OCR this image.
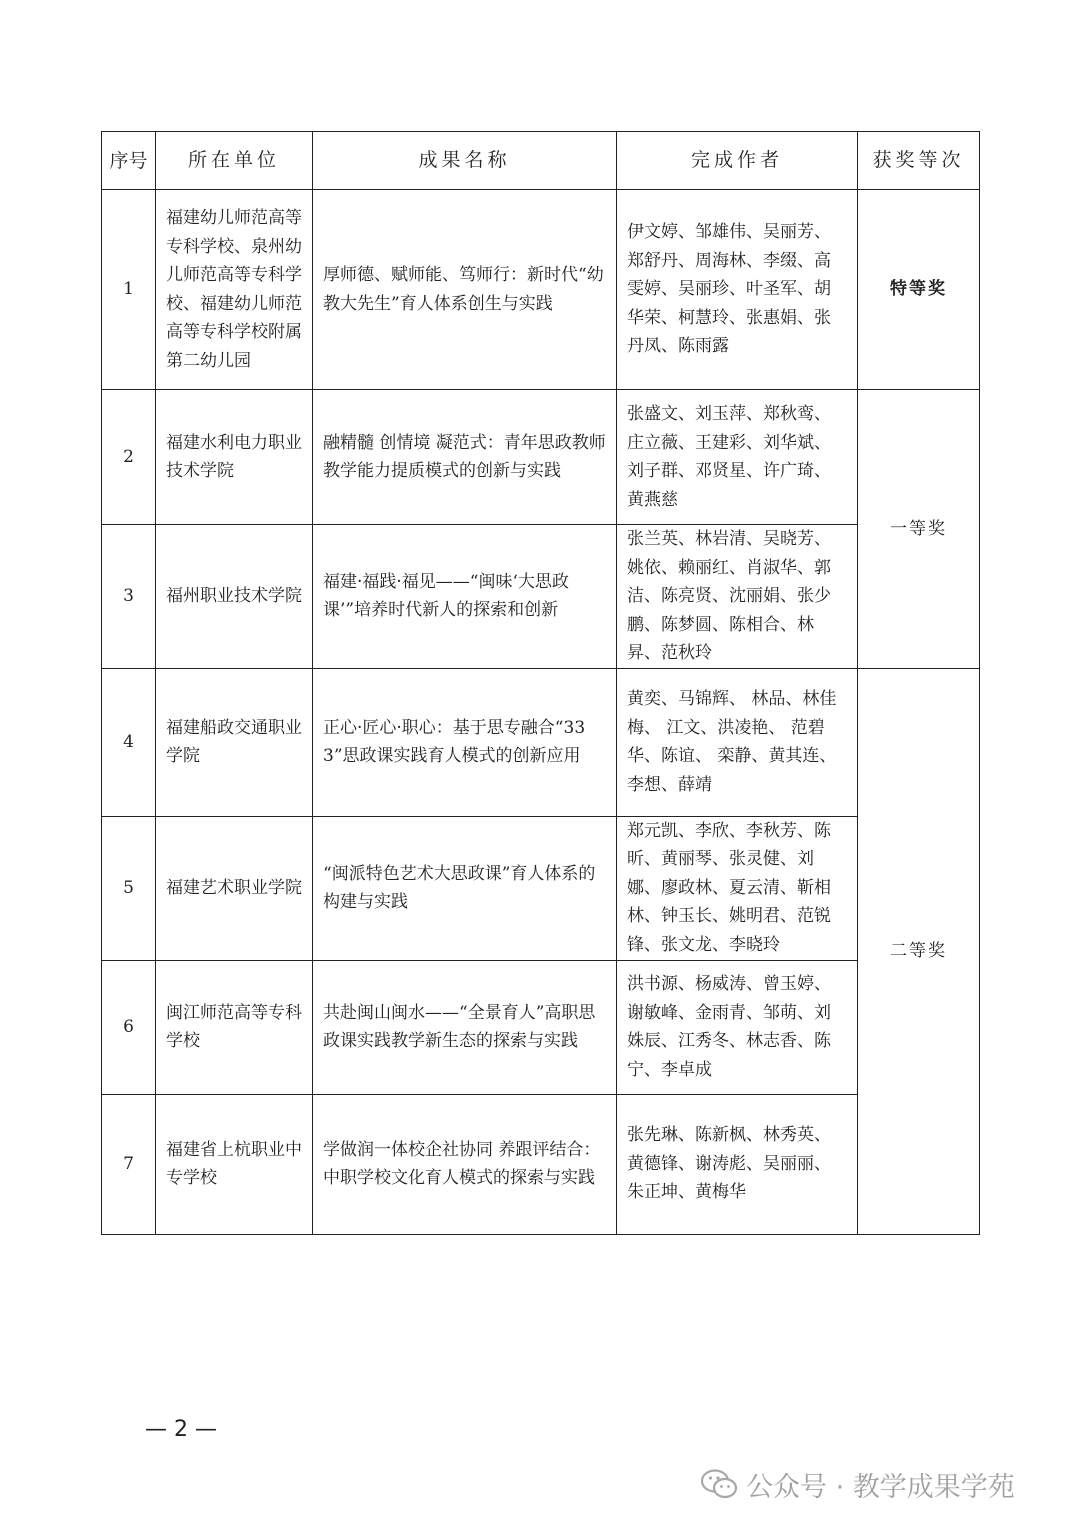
序号	所在单位	成果名称	完成作者	获奖等次
1	福建幼儿师范高等专科学校、泉州幼儿师范高等专科学校、福建幼儿师范高等专科学校附属第二幼儿园	厚师德、赋师能、笃师行：新时代“幼教大先生”育人体系创生与实践	伊文婷、邹雄伟、吴丽芳、郑舒丹、周海林、李缀、高雯婷、吴丽珍、叶圣军、胡华荣、柯慧玲、张惠娟、张丹凤、陈雨露	特等奖
2	福建水利电力职业技术学院	融精髓 创情境 凝范式：青年思政教师教学能力提质模式的创新与实践	张盛文、刘玉萍、郑秋鸾、庄立薇、王建彩、刘华斌、刘子群、邓贤星、许广琦、黄燕慈	一等奖
3	福州职业技术学院	福建·福践·福见——“闽味‘大思政课’”培养时代新人的探索和创新	张兰英、林岩清、吴晓芳、姚依、赖丽红、肖淑华、郭洁、陈亮贤、沈丽娟、张少鹏、陈梦圆、陈相合、林昇、范秋玲	
4	福建船政交通职业学院	正心·匠心·职心：基于思专融合“333”思政课实践育人模式的创新应用	黄奕、马锦辉、 林品、林佳梅、 江文、洪凌艳、 范碧华、陈谊、 栾静、黄其连、李想、薛靖	二等奖
5	福建艺术职业学院	“闽派特色艺术大思政课”育人体系的构建与实践	郑元凯、李欣、李秋芳、陈昕、黄丽琴、张灵健、刘娜、廖政林、夏云清、靳相林、钟玉长、姚明君、范锐锋、张文龙、李晓玲	
6	闽江师范高等专科学校	共赴闽山闽水——“全景育人”高职思政课实践教学新生态的探索与实践	洪书源、杨威涛、曾玉婷、谢敏峰、金雨青、邹萌、刘姝辰、江秀冬、林志香、陈宁、李卓成	
7	福建省上杭职业中专学校	学做润一体校企社协同 养跟评结合：中职学校文化育人模式的探索与实践	张先琳、陈新枫、林秀英、黄德锋、谢涛彪、吴丽丽、朱正坤、黄梅华	
— 2 —
公众号 · 教学成果学苑
